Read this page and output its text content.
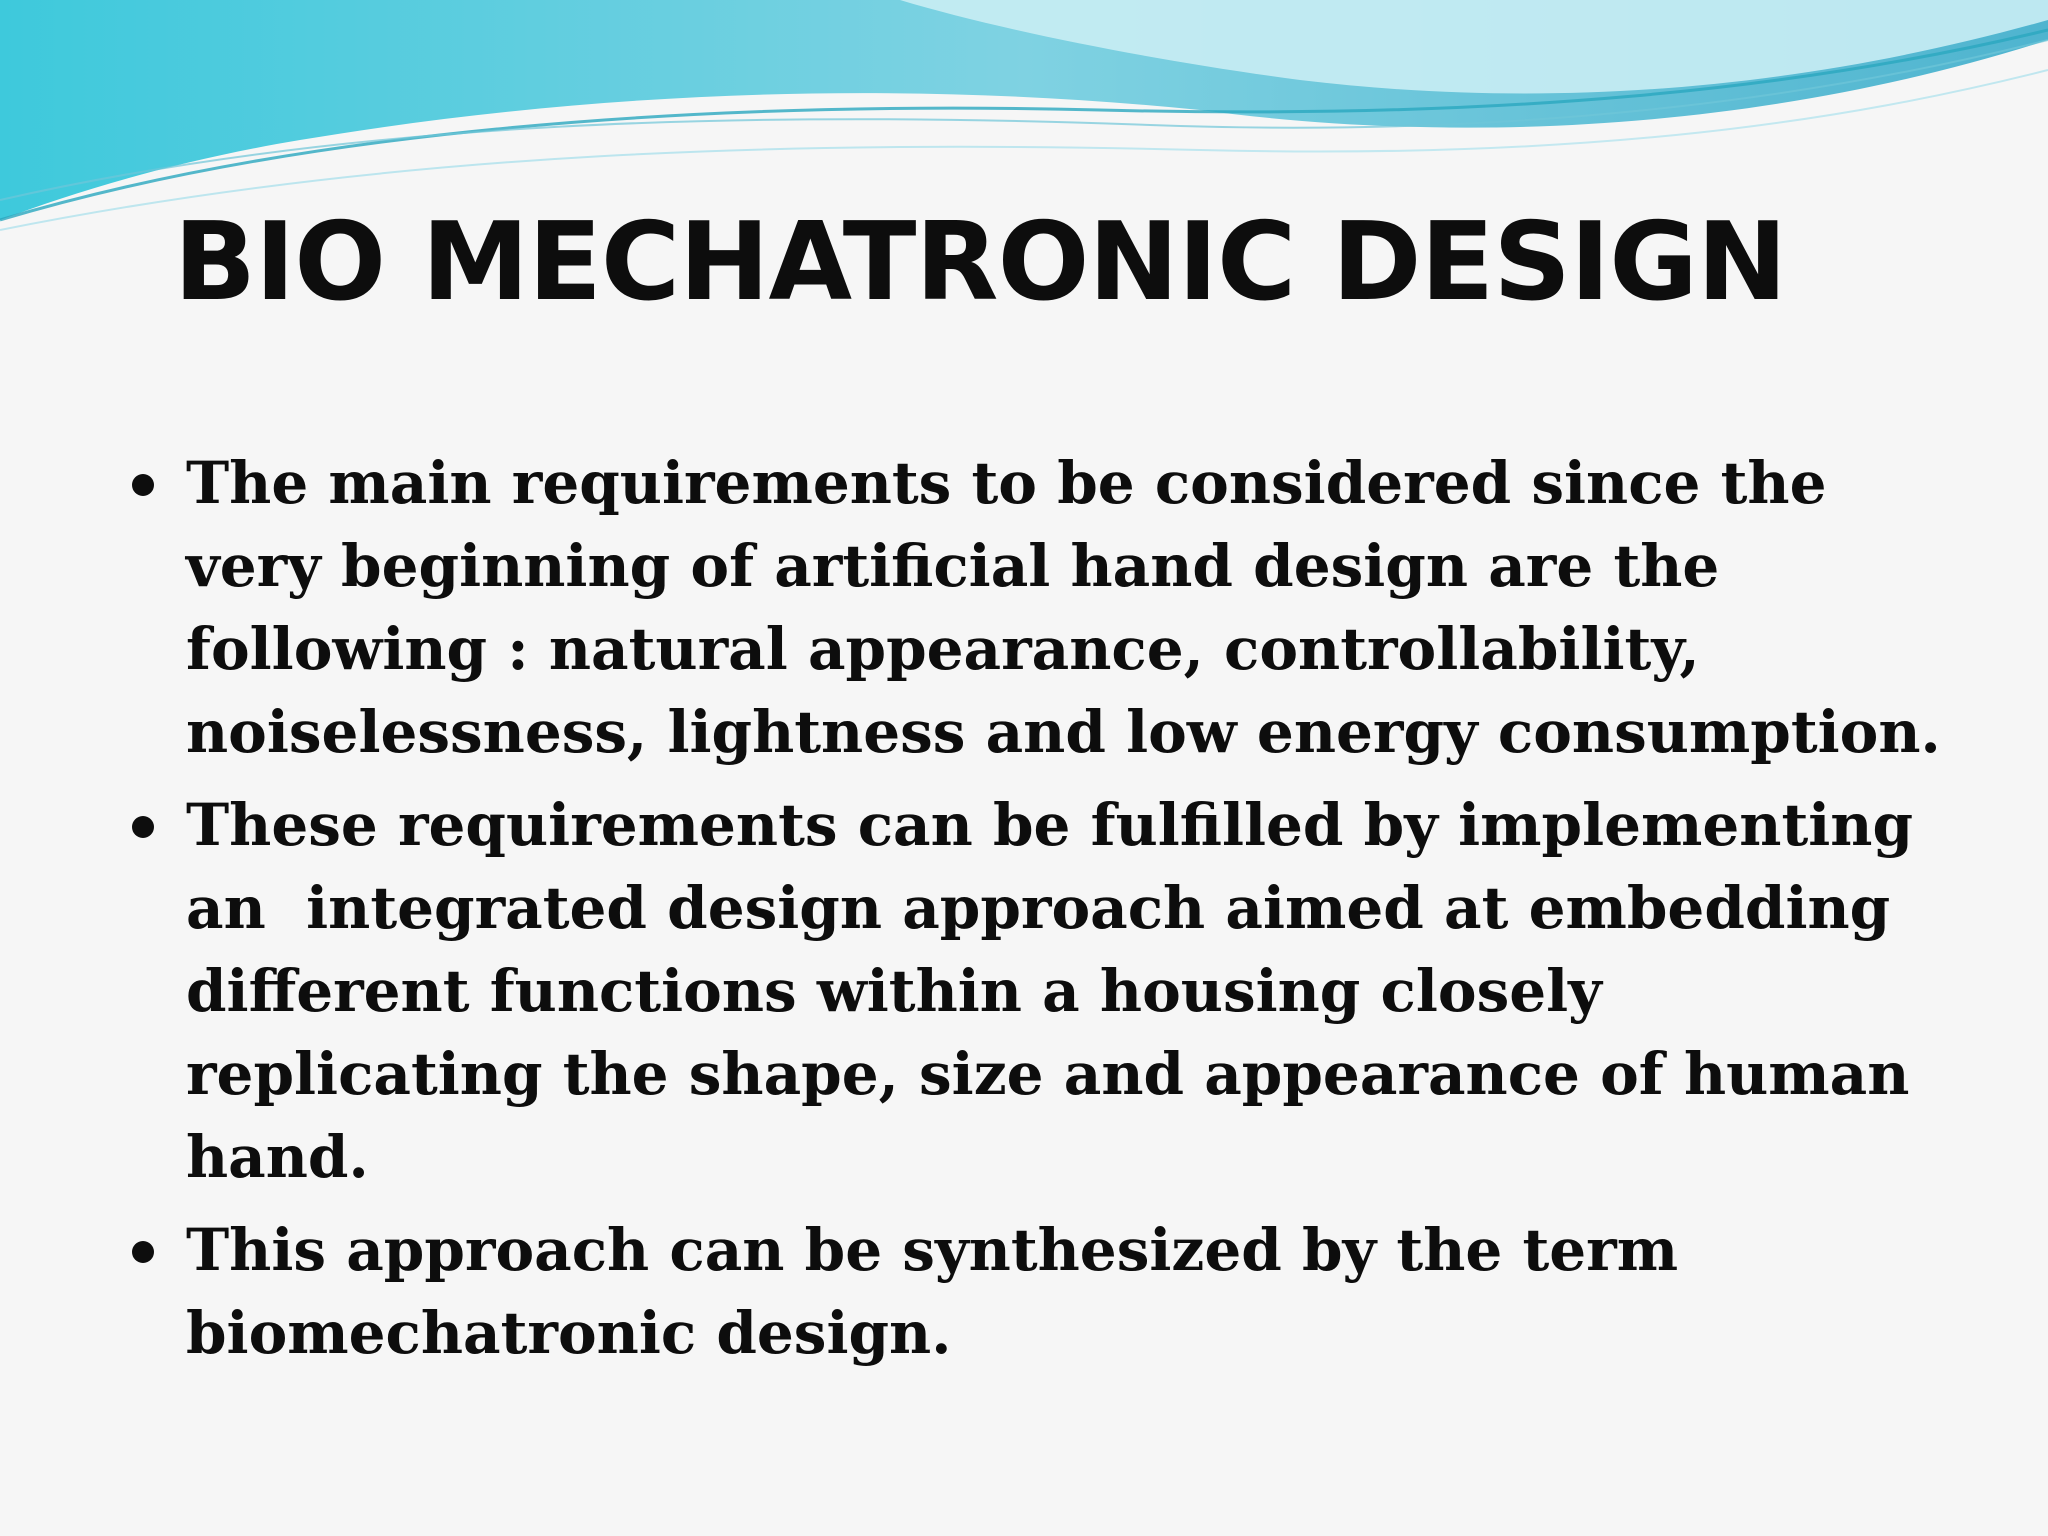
BIO MECHATRONIC DESIGN
The main requirements to be considered since the
very beginning of artificial hand design are the
following : natural appearance, controllability,
noiselessness, lightness and low energy consumption.
These requirements can be fulfilled by implementing
an  integrated design approach aimed at embedding
different functions within a housing closely
replicating the shape, size and appearance of human
hand.
This approach can be synthesized by the term
biomechatronic design.
